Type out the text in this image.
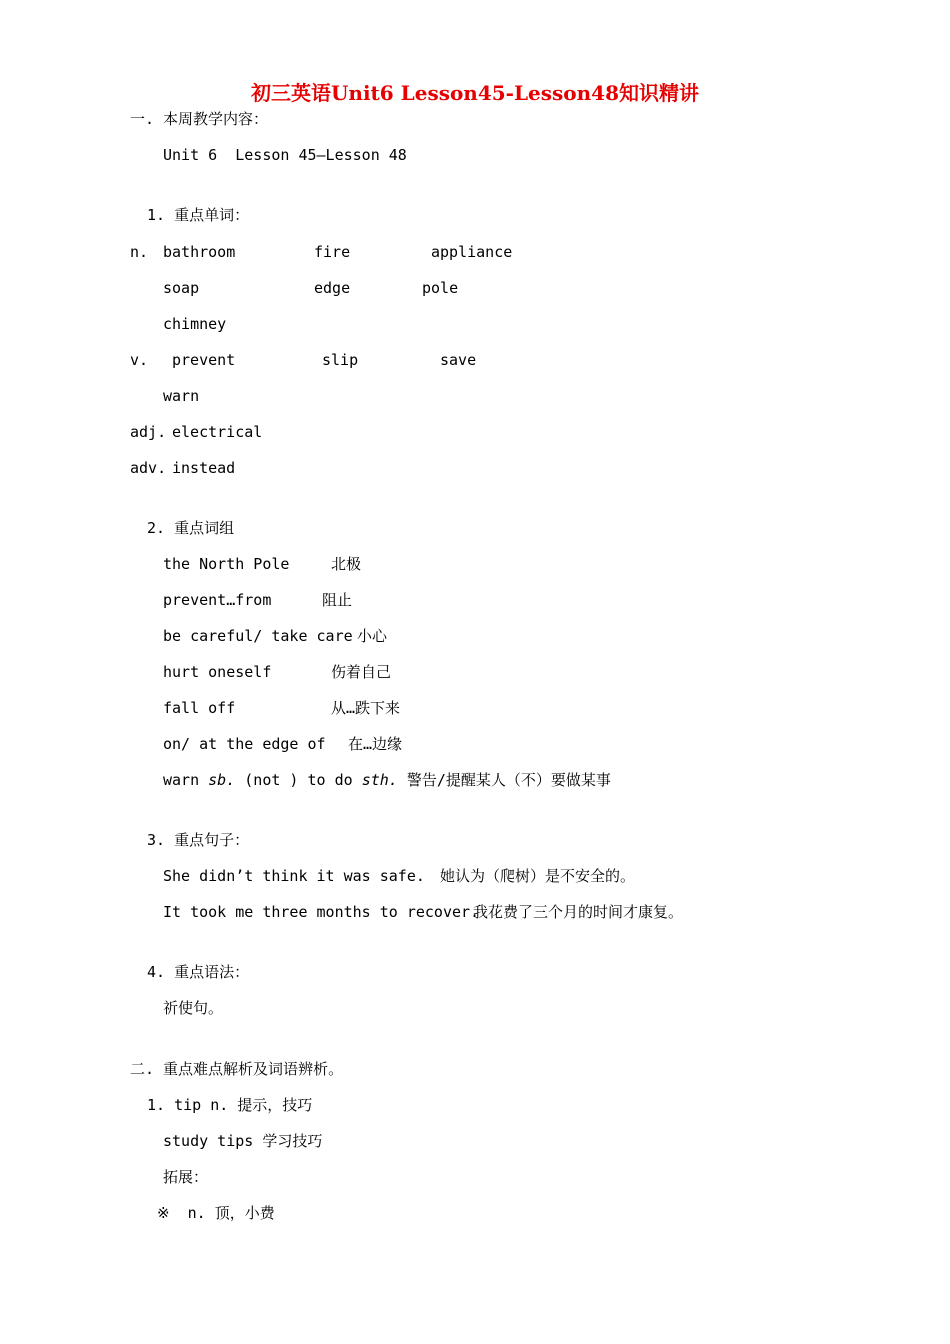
初三英语Unit6 Lesson45-Lesson48知识精讲
一. 本周教学内容：
Unit 6  Lesson 45—Lesson 48
1. 重点单词：
n. bathroom	fire	appliance
soap	edge	pole
chimney
v. prevent	slip	save
warn
adj. electrical
adv. instead
2. 重点词组
the North Pole	北极
prevent…from	阻止
be careful/ take care 小心
hurt oneself	伤着自己
fall off	从…跌下来
on/ at the edge of 在…边缘
warn sb. (not ) to do sth. 警告/提醒某人（不）要做某事
3. 重点句子：
She didn’t think it was safe. 她认为（爬树）是不安全的。
It took me three months to recover.
我花费了三个月的时间才康复。
4. 重点语法：
祈使句。
二. 重点难点解析及词语辨析。
1. tip n. 提示，技巧
study tips 学习技巧
拓展：
※  n. 顶，小费
